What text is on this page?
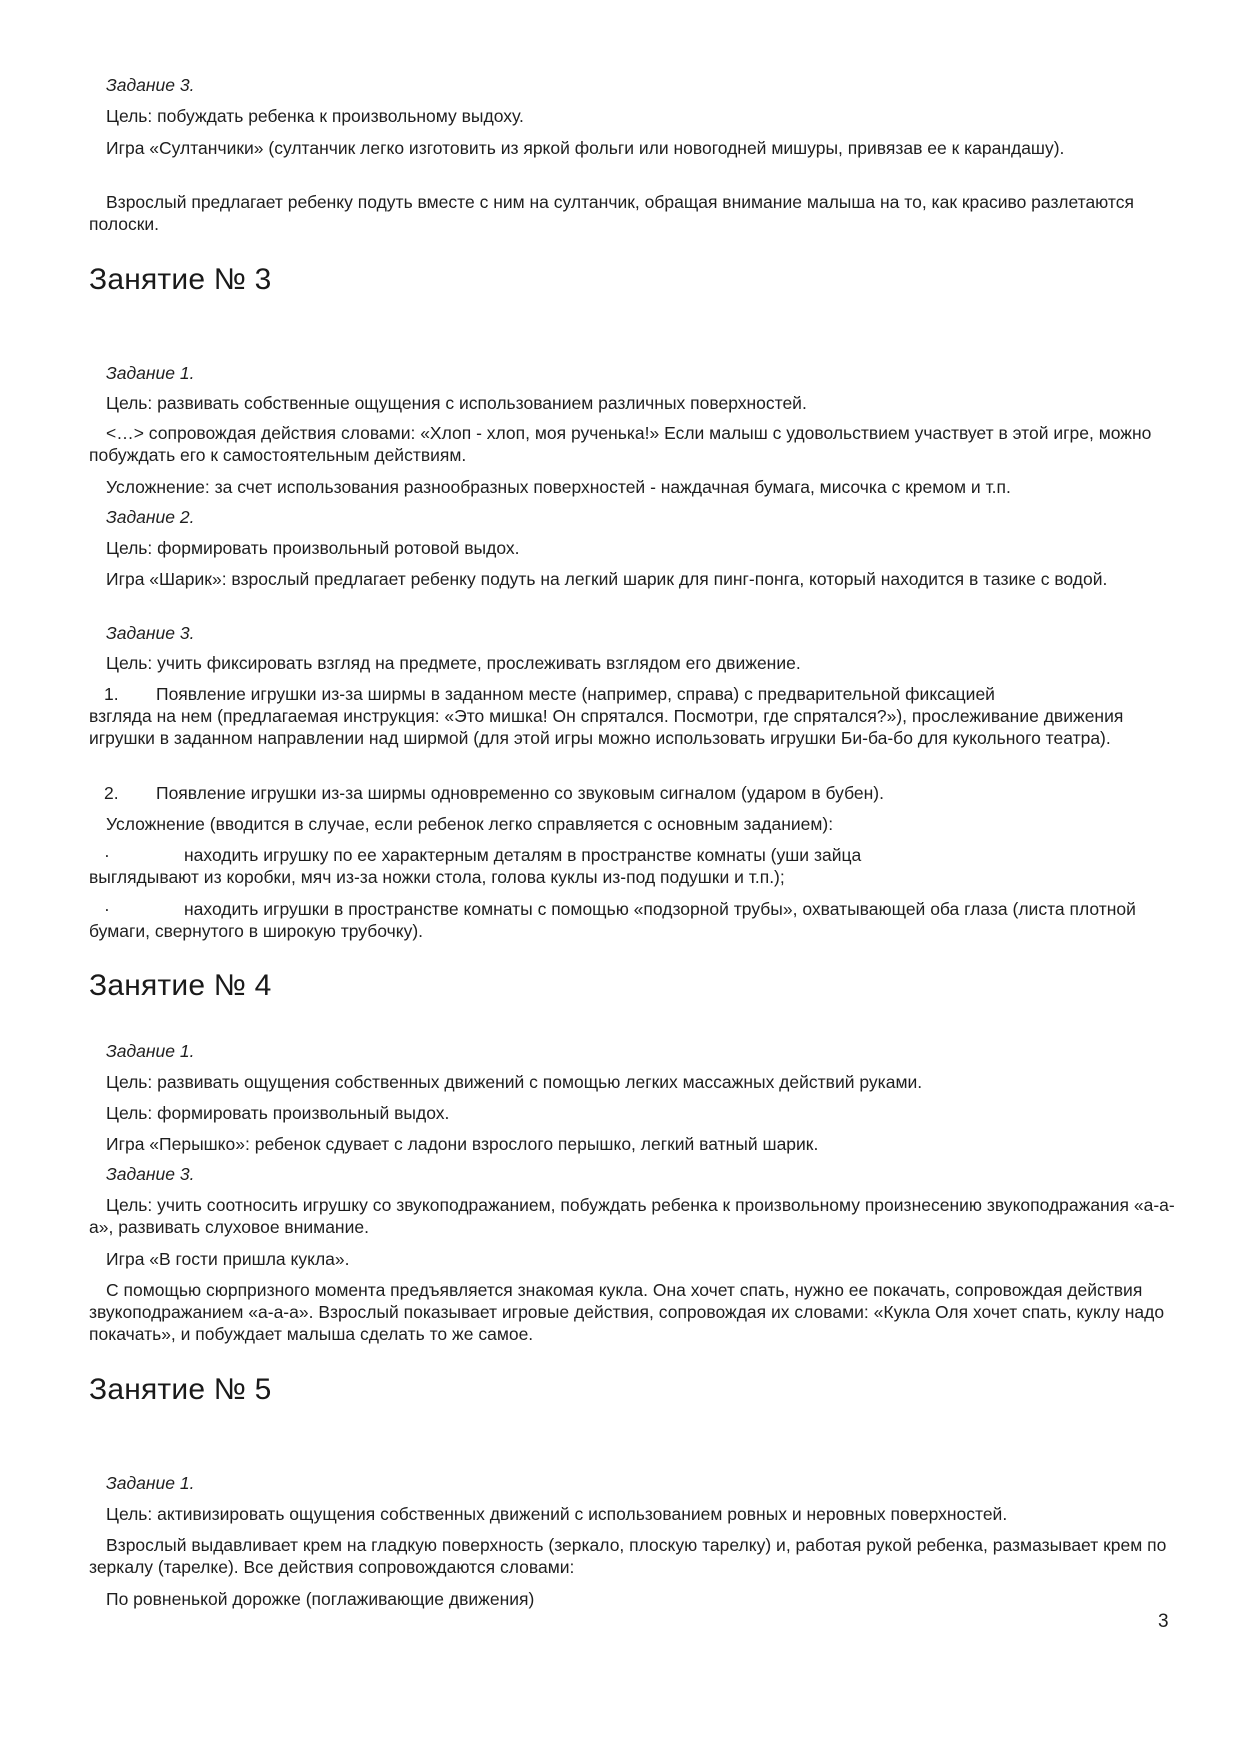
Задание 3.

Цель: побуждать ребенка к произвольному выдоху.

Игра «Султанчики» (султанчик легко изготовить из яркой фольги или новогодней мишуры, привязав ее к карандашу).

Взрослый предлагает ребенку подуть вместе с ним на султанчик, обращая внимание малыша на то, как красиво разлетаются полоски.

Занятие № 3

Задание 1.

Цель: развивать собственные ощущения с использованием различных поверхностей.

<…> сопровождая действия словами: «Хлоп - хлоп, моя рученька!» Если малыш с удовольствием участвует в этой игре, можно побуждать его к самостоятельным действиям.

Усложнение: за счет использования разнообразных поверхностей - наждачная бумага, мисочка с кремом и т.п.

Задание 2.

Цель: формировать произвольный ротовой выдох.

Игра «Шарик»: взрослый предлагает ребенку подуть на легкий шарик для пинг-понга, который находится в тазике с водой.

Задание 3.

Цель: учить фиксировать взгляд на предмете, прослеживать взглядом его движение.

1. Появление игрушки из-за ширмы в заданном месте (например, справа) с предварительной фиксацией
взгляда на нем (предлагаемая инструкция: «Это мишка! Он спрятался. Посмотри, где спрятался?»), прослеживание движения игрушки в заданном направлении над ширмой (для этой игры можно использовать игрушки Би-ба-бо для кукольного театра).
2. Появление игрушки из-за ширмы одновременно со звуковым сигналом (ударом в бубен).

Усложнение (вводится в случае, если ребенок легко справляется с основным заданием):

·	находить игрушку по ее характерным деталям в пространстве комнаты (уши зайца
выглядывают из коробки, мяч из-за ножки стола, голова куклы из-под подушки и т.п.);
·	находить игрушки в пространстве комнаты с помощью «подзорной трубы», охватывающей оба глаза (листа плотной бумаги, свернутого в широкую трубочку).
Занятие № 4

Задание 1.

Цель: развивать ощущения собственных движений с помощью легких массажных действий руками.

Цель: формировать произвольный выдох.

Игра «Перышко»: ребенок сдувает с ладони взрослого перышко, легкий ватный шарик.

Задание 3.

Цель: учить соотносить игрушку со звукоподражанием, побуждать ребенка к произвольному произнесению звукоподражания «а-а-а», развивать слуховое внимание.

Игра «В гости пришла кукла».

С помощью сюрпризного момента предъявляется знакомая кукла. Она хочет спать, нужно ее покачать, сопровождая действия звукоподражанием «а-а-а». Взрослый показывает игровые действия, сопровождая их словами: «Кукла Оля хочет спать, куклу надо покачать», и побуждает малыша сделать то же самое.

Занятие № 5

Задание 1.

Цель: активизировать ощущения собственных движений с использованием ровных и неровных поверхностей.

Взрослый выдавливает крем на гладкую поверхность (зеркало, плоскую тарелку) и, работая рукой ребенка, размазывает крем по зеркалу (тарелке). Все действия сопровождаются словами:

По ровненькой дорожке (поглаживающие движения)

3
